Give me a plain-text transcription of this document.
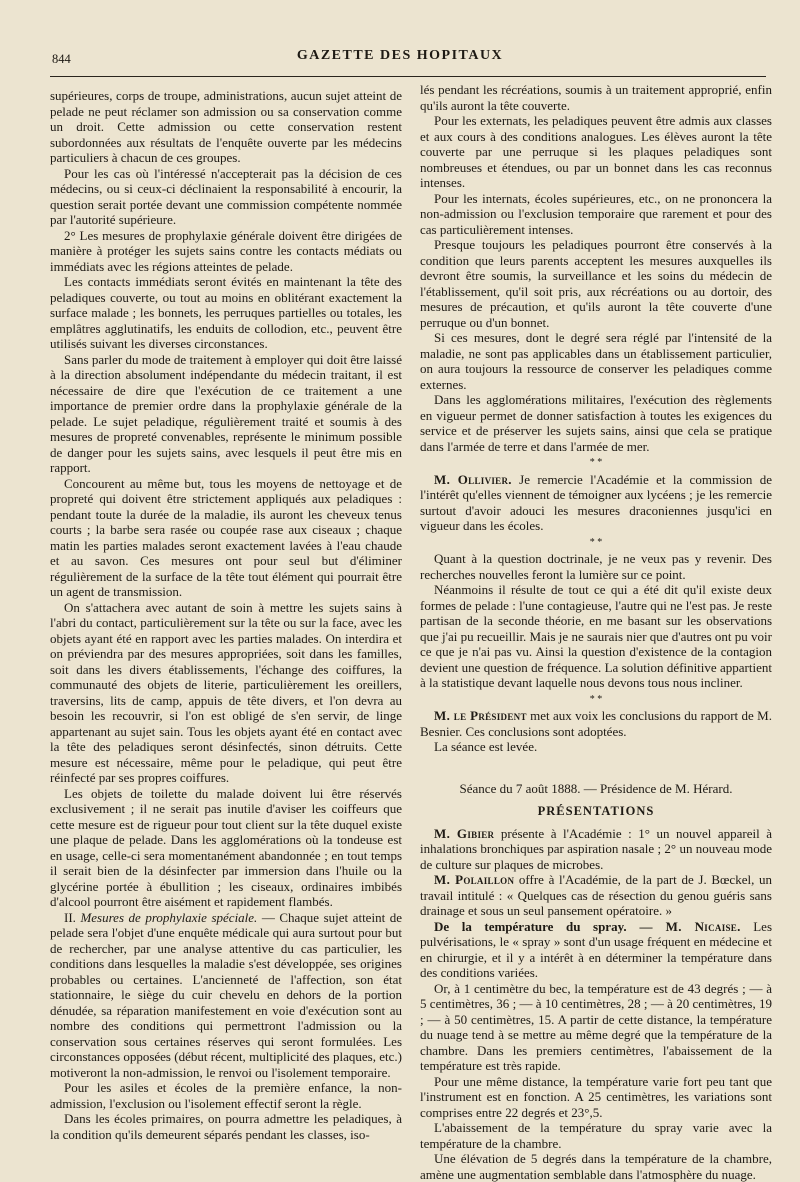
844	GAZETTE DES HOPITAUX

supérieures, corps de troupe, administrations, aucun sujet atteint de pelade ne peut réclamer son admission ou sa conservation comme un droit. Cette admission ou cette conservation restent subordonnées aux résultats de l'enquête ouverte par les médecins particuliers à chacun de ces groupes.

Pour les cas où l'intéressé n'accepterait pas la décision de ces médecins, ou si ceux-ci déclinaient la responsabilité à encourir, la question serait portée devant une commission compétente nommée par l'autorité supérieure.

2° Les mesures de prophylaxie générale doivent être dirigées de manière à protéger les sujets sains contre les contacts médiats ou immédiats avec les régions atteintes de pelade.

Les contacts immédiats seront évités en maintenant la tête des peladiques couverte, ou tout au moins en oblitérant exactement la surface malade ; les bonnets, les perruques partielles ou totales, les emplâtres agglutinatifs, les enduits de collodion, etc., peuvent être utilisés suivant les diverses circonstances.

Sans parler du mode de traitement à employer qui doit être laissé à la direction absolument indépendante du médecin traitant, il est nécessaire de dire que l'exécution de ce traitement a une importance de premier ordre dans la prophylaxie générale de la pelade. Le sujet peladique, régulièrement traité et soumis à des mesures de propreté convenables, représente le minimum possible de danger pour les sujets sains, avec lesquels il peut être mis en rapport.

Concourent au même but, tous les moyens de nettoyage et de propreté qui doivent être strictement appliqués aux peladiques : pendant toute la durée de la maladie, ils auront les cheveux tenus courts ; la barbe sera rasée ou coupée rase aux ciseaux ; chaque matin les parties malades seront exactement lavées à l'eau chaude et au savon. Ces mesures ont pour seul but d'éliminer régulièrement de la surface de la tête tout élément qui pourrait être un agent de transmission.

On s'attachera avec autant de soin à mettre les sujets sains à l'abri du contact, particulièrement sur la tête ou sur la face, avec les objets ayant été en rapport avec les parties malades. On interdira et on préviendra par des mesures appropriées, soit dans les familles, soit dans les divers établissements, l'échange des coiffures, la communauté des objets de literie, particulièrement les oreillers, traversins, lits de camp, appuis de tête divers, et l'on devra au besoin les recouvrir, si l'on est obligé de s'en servir, de linge appartenant au sujet sain. Tous les objets ayant été en contact avec la tête des peladiques seront désinfectés, sinon détruits. Cette mesure est nécessaire, même pour le peladique, qui peut être réinfecté par ses propres coiffures.

Les objets de toilette du malade doivent lui être réservés exclusivement ; il ne serait pas inutile d'aviser les coiffeurs que cette mesure est de rigueur pour tout client sur la tête duquel existe une plaque de pelade. Dans les agglomérations où la tondeuse est en usage, celle-ci sera momentanément abandonnée ; en tout temps il serait bien de la désinfecter par immersion dans l'huile ou la glycérine portée à ébullition ; les ciseaux, ordinaires imbibés d'alcool pourront être aisément et rapidement flambés.

II. Mesures de prophylaxie spéciale. — Chaque sujet atteint de pelade sera l'objet d'une enquête médicale qui aura surtout pour but de rechercher, par une analyse attentive du cas particulier, les conditions dans lesquelles la maladie s'est développée, ses origines probables ou certaines. L'ancienneté de l'affection, son état stationnaire, le siège du cuir chevelu en dehors de la portion dénudée, sa réparation manifestement en voie d'exécution sont au nombre des conditions qui permettront l'admission ou la conservation sous certaines réserves qui seront formulées. Les circonstances opposées (début récent, multiplicité des plaques, etc.) motiveront la non-admission, le renvoi ou l'isolement temporaire.

Pour les asiles et écoles de la première enfance, la non-admission, l'exclusion ou l'isolement effectif seront la règle.

Dans les écoles primaires, on pourra admettre les peladiques, à la condition qu'ils demeurent séparés pendant les classes, iso-

lés pendant les récréations, soumis à un traitement approprié, enfin qu'ils auront la tête couverte.

Pour les externats, les peladiques peuvent être admis aux classes et aux cours à des conditions analogues. Les élèves auront la tête couverte par une perruque si les plaques peladiques sont nombreuses et étendues, ou par un bonnet dans les cas reconnus intenses.

Pour les internats, écoles supérieures, etc., on ne prononcera la non-admission ou l'exclusion temporaire que rarement et pour des cas particulièrement intenses.

Presque toujours les peladiques pourront être conservés à la condition que leurs parents acceptent les mesures auxquelles ils devront être soumis, la surveillance et les soins du médecin de l'établissement, qu'il soit pris, aux récréations ou au dortoir, des mesures de précaution, et qu'ils auront la tête couverte d'une perruque ou d'un bonnet.

Si ces mesures, dont le degré sera réglé par l'intensité de la maladie, ne sont pas applicables dans un établissement particulier, on aura toujours la ressource de conserver les peladiques comme externes.

Dans les agglomérations militaires, l'exécution des règlements en vigueur permet de donner satisfaction à toutes les exigences du service et de préserver les sujets sains, ainsi que cela se pratique dans l'armée de terre et dans l'armée de mer.

* *

M. Ollivier. Je remercie l'Académie et la commission de l'intérêt qu'elles viennent de témoigner aux lycéens ; je les remercie surtout d'avoir adouci les mesures draconiennes jusqu'ici en vigueur dans les écoles.

* *

Quant à la question doctrinale, je ne veux pas y revenir. Des recherches nouvelles feront la lumière sur ce point.

Néanmoins il résulte de tout ce qui a été dit qu'il existe deux formes de pelade : l'une contagieuse, l'autre qui ne l'est pas. Je reste partisan de la seconde théorie, en me basant sur les observations que j'ai pu recueillir. Mais je ne saurais nier que d'autres ont pu voir ce que je n'ai pas vu. Ainsi la question d'existence de la contagion devient une question de fréquence. La solution définitive appartient à la statistique devant laquelle nous devons tous nous incliner.

* *

M. le Président met aux voix les conclusions du rapport de M. Besnier. Ces conclusions sont adoptées.

La séance est levée.

Séance du 7 août 1888. — Présidence de M. Hérard.

PRÉSENTATIONS

M. Gibier présente à l'Académie : 1° un nouvel appareil à inhalations bronchiques par aspiration nasale ; 2° un nouveau mode de culture sur plaques de microbes.

M. Polaillon offre à l'Académie, de la part de J. Bœckel, un travail intitulé : « Quelques cas de résection du genou guéris sans drainage et sous un seul pansement opératoire. »

De la température du spray. — M. Nicaise. Les pulvérisations, le « spray » sont d'un usage fréquent en médecine et en chirurgie, et il y a intérêt à en déterminer la température dans des conditions variées.

Or, à 1 centimètre du bec, la température est de 43 degrés ; — à 5 centimètres, 36 ; — à 10 centimètres, 28 ; — à 20 centimètres, 19 ; — à 50 centimètres, 15. A partir de cette distance, la température du nuage tend à se mettre au même degré que la température de la chambre. Dans les premiers centimètres, l'abaissement de la température est très rapide.

Pour une même distance, la température varie fort peu tant que l'instrument est en fonction. A 25 centimètres, les variations sont comprises entre 22 degrés et 23°,5.

L'abaissement de la température du spray varie avec la température de la chambre.

Une élévation de 5 degrés dans la température de la chambre, amène une augmentation semblable dans l'atmosphère du nuage.
